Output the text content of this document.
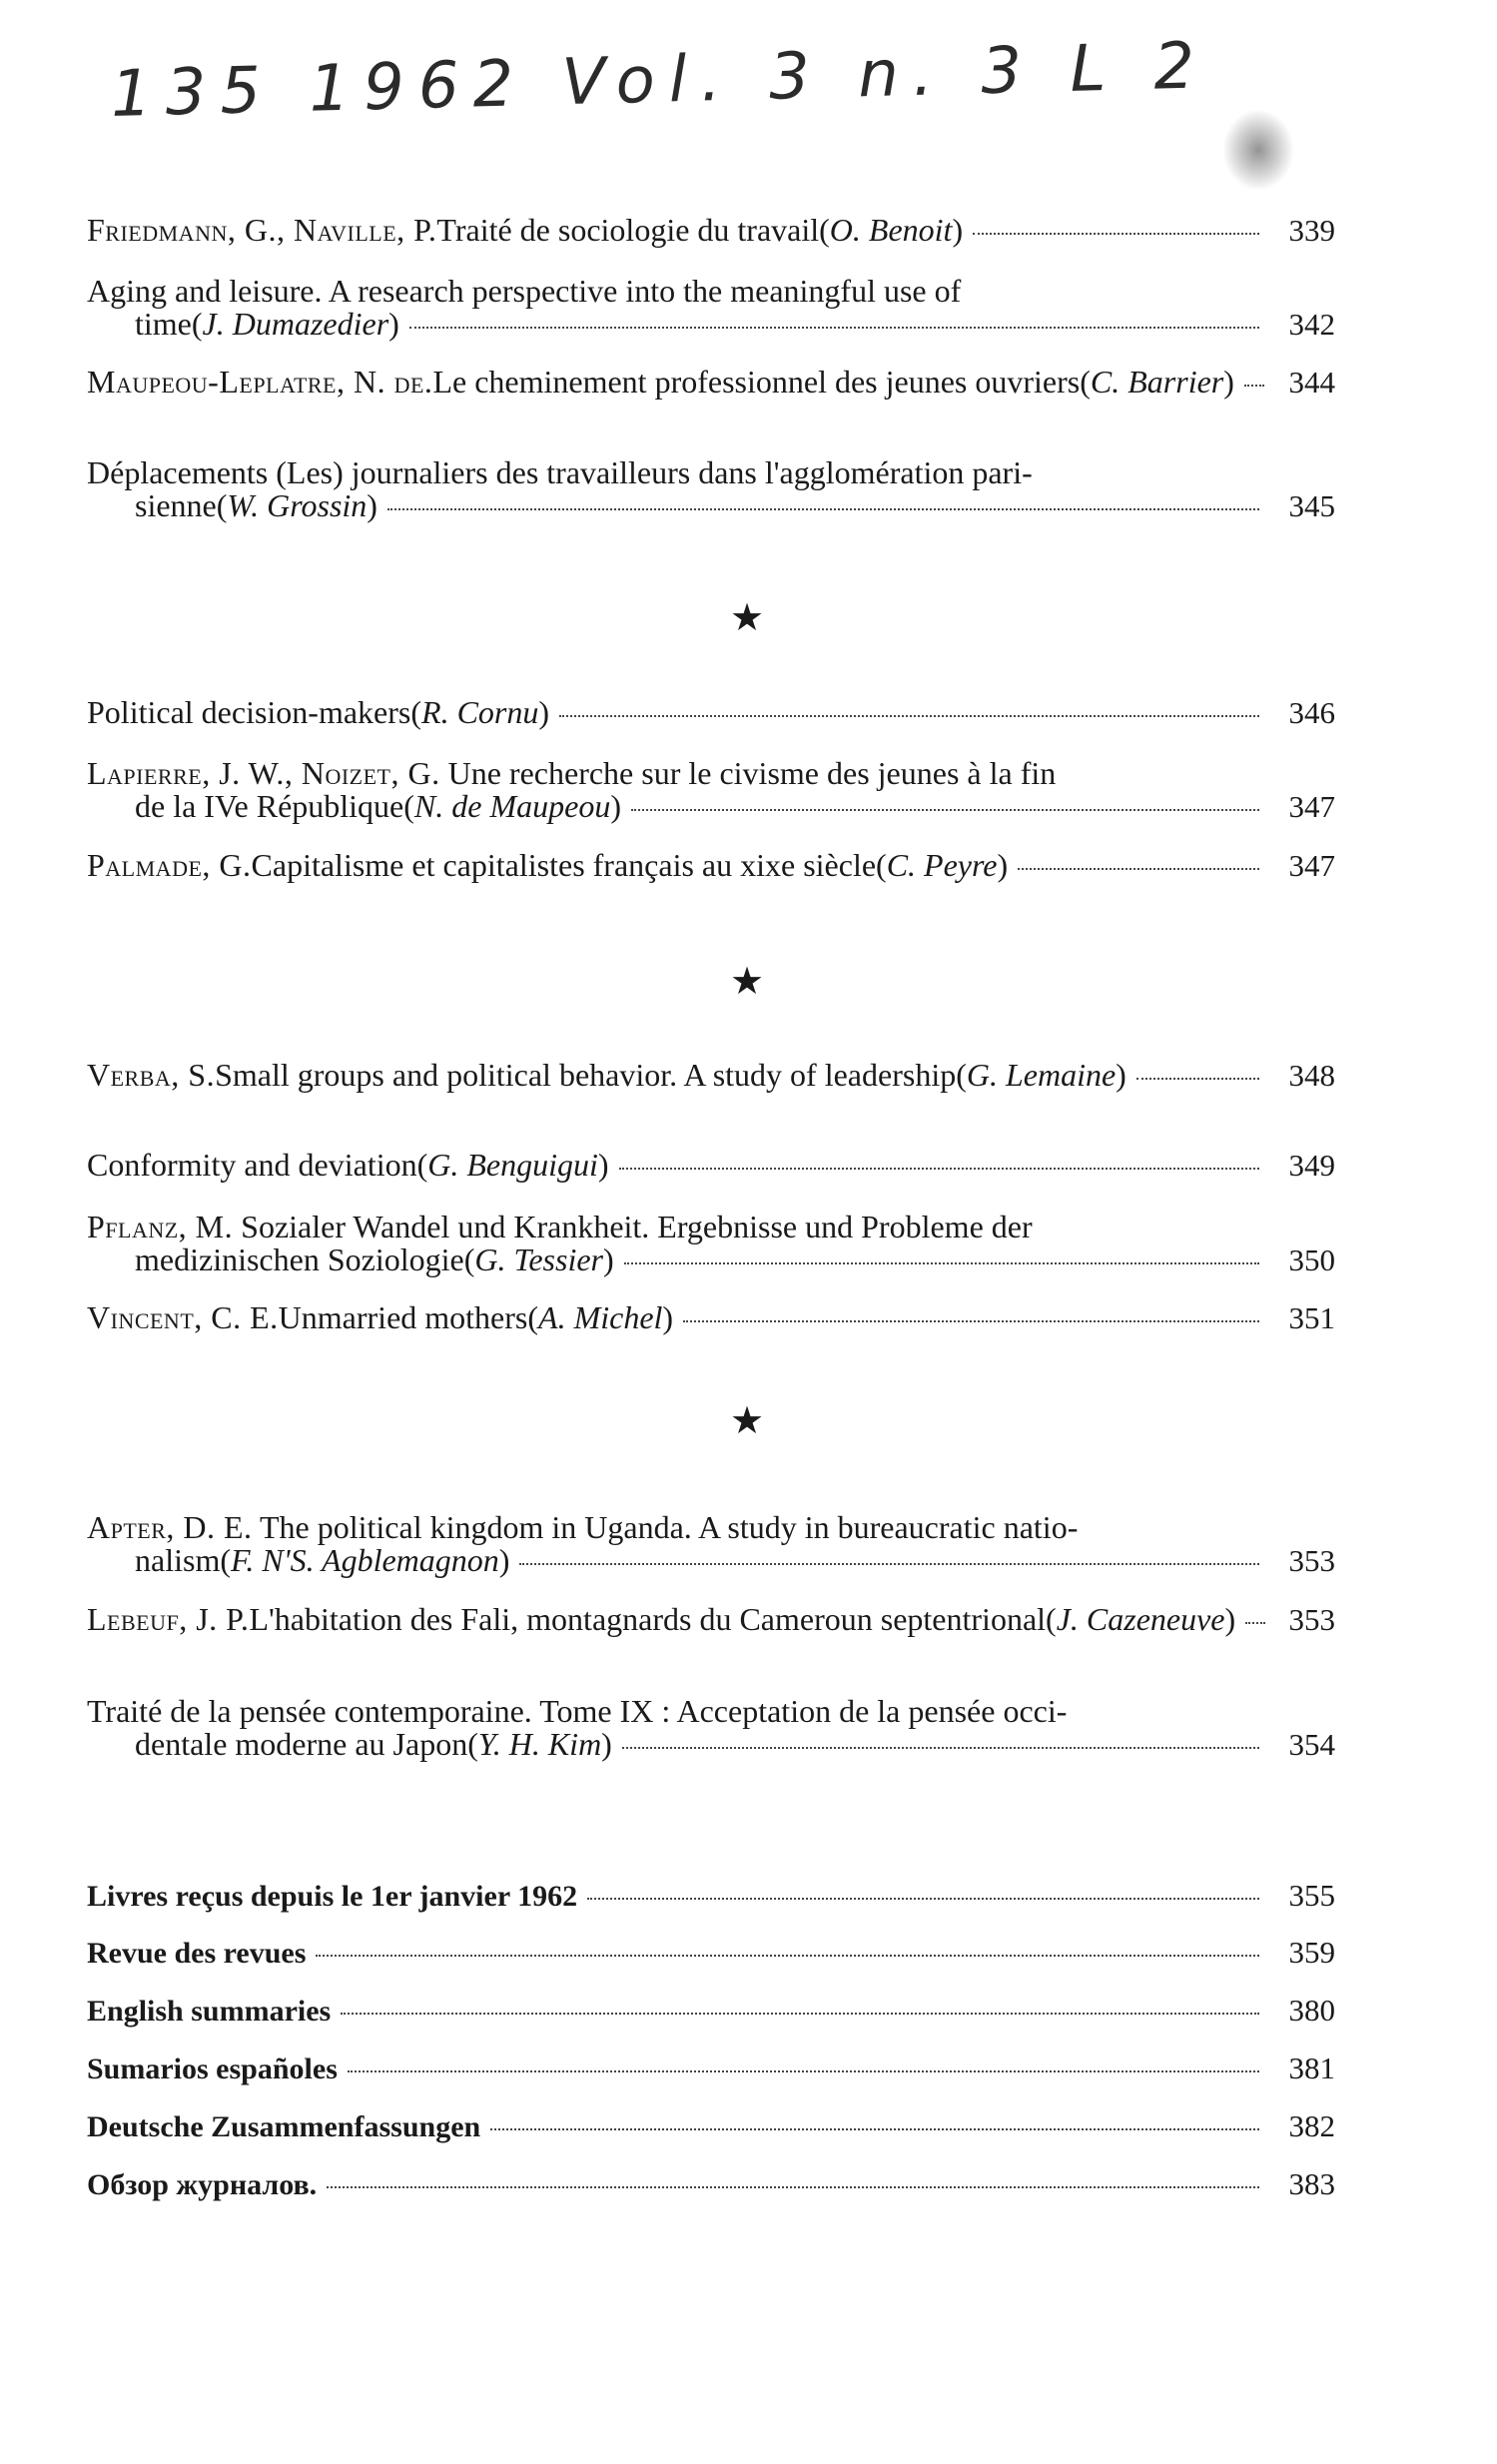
135 1962 Vol. 3 n. 3 L 2
Friedmann, G., Naville, P. Traité de sociologie du travail ( O. Benoit )	339
Aging and leisure. A research perspective into the meaningful use of
time ( J. Dumazedier )	342
Maupeou-Leplatre, N. de. Le cheminement professionnel des jeunes ouvriers ( C. Barrier )	344
Déplacements (Les) journaliers des travailleurs dans l'agglomération pari-
sienne ( W. Grossin )	345
★
Political decision-makers ( R. Cornu )	346
Lapierre, J. W., Noizet, G. Une recherche sur le civisme des jeunes à la fin
de la IVe République ( N. de Maupeou )	347
Palmade, G. Capitalisme et capitalistes français au xixe siècle ( C. Peyre )	347
★
Verba, S. Small groups and political behavior. A study of leadership ( G. Lemaine )	348
Conformity and deviation ( G. Benguigui )	349
Pflanz, M. Sozialer Wandel und Krankheit. Ergebnisse und Probleme der
medizinischen Soziologie ( G. Tessier )	350
Vincent, C. E. Unmarried mothers ( A. Michel )	351
★
Apter, D. E. The political kingdom in Uganda. A study in bureaucratic natio-
nalism ( F. N'S. Agblemagnon )	353
Lebeuf, J. P. L'habitation des Fali, montagnards du Cameroun septentrional ( J. Cazeneuve )	353
Traité de la pensée contemporaine. Tome IX : Acceptation de la pensée occi-
dentale moderne au Japon ( Y. H. Kim )	354
Livres reçus depuis le 1er janvier 1962	355
Revue des revues	359
English summaries	380
Sumarios españoles	381
Deutsche Zusammenfassungen	382
Обзор журналов.	383
